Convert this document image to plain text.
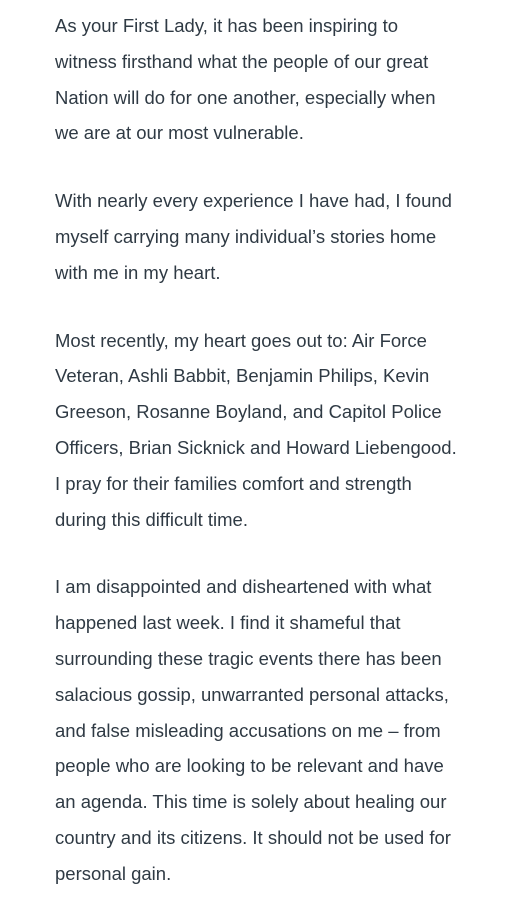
As your First Lady, it has been inspiring to
witness firsthand what the people of our great
Nation will do for one another, especially when
we are at our most vulnerable.

With nearly every experience I have had, I found
myself carrying many individual’s stories home
with me in my heart.

Most recently, my heart goes out to: Air Force
Veteran, Ashli Babbit, Benjamin Philips, Kevin
Greeson, Rosanne Boyland, and Capitol Police
Officers, Brian Sicknick and Howard Liebengood.
I pray for their families comfort and strength
during this difficult time.

I am disappointed and disheartened with what
happened last week. I find it shameful that
surrounding these tragic events there has been
salacious gossip, unwarranted personal attacks,
and false misleading accusations on me – from
people who are looking to be relevant and have
an agenda. This time is solely about healing our
country and its citizens. It should not be used for
personal gain.
